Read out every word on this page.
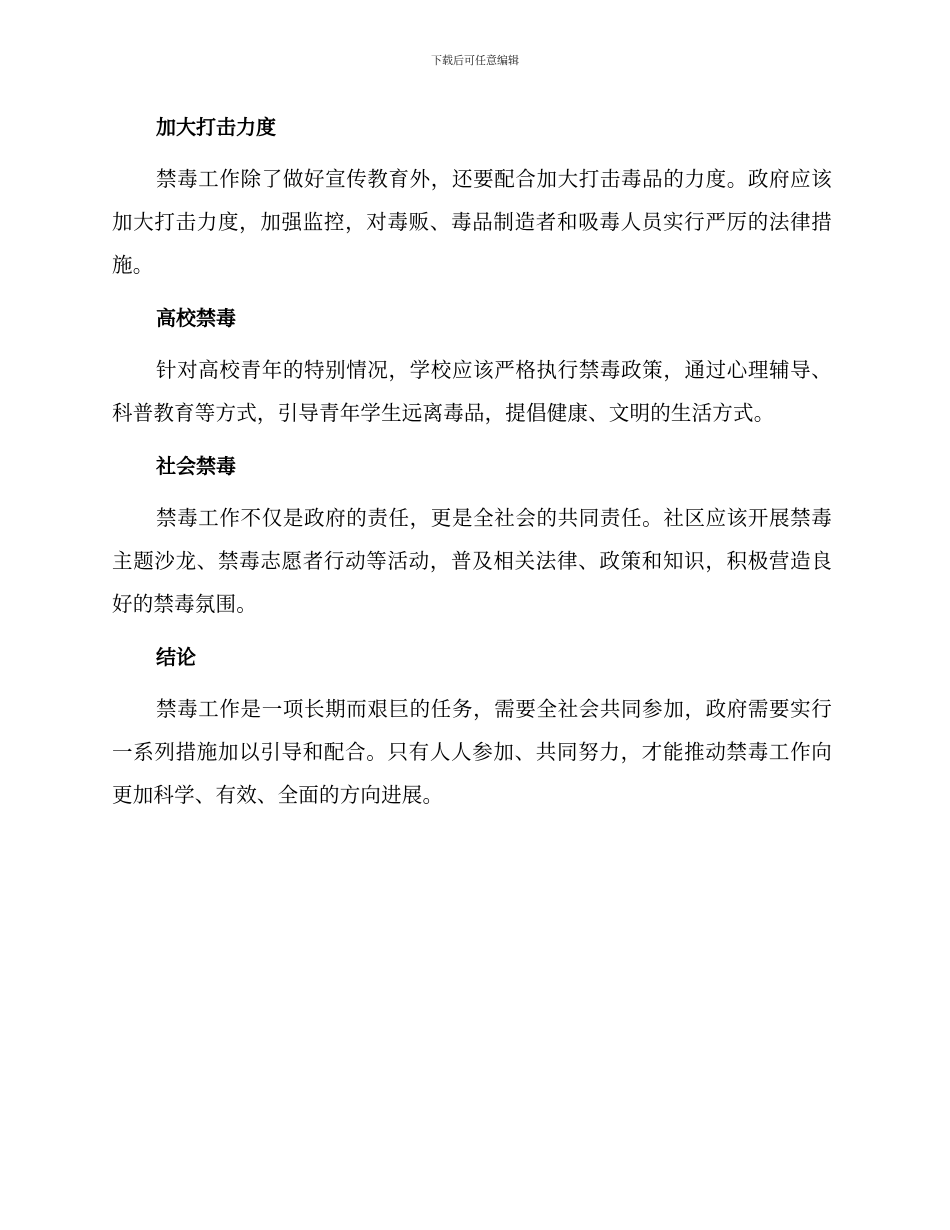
下载后可任意编辑
加大打击力度

禁毒工作除了做好宣传教育外，还要配合加大打击毒品的力度。政府应该加大打击力度，加强监控，对毒贩、毒品制造者和吸毒人员实行严厉的法律措施。

高校禁毒

针对高校青年的特别情况，学校应该严格执行禁毒政策，通过心理辅导、科普教育等方式，引导青年学生远离毒品，提倡健康、文明的生活方式。

社会禁毒

禁毒工作不仅是政府的责任，更是全社会的共同责任。社区应该开展禁毒主题沙龙、禁毒志愿者行动等活动，普及相关法律、政策和知识，积极营造良好的禁毒氛围。

结论

禁毒工作是一项长期而艰巨的任务，需要全社会共同参加，政府需要实行一系列措施加以引导和配合。只有人人参加、共同努力，才能推动禁毒工作向更加科学、有效、全面的方向进展。
